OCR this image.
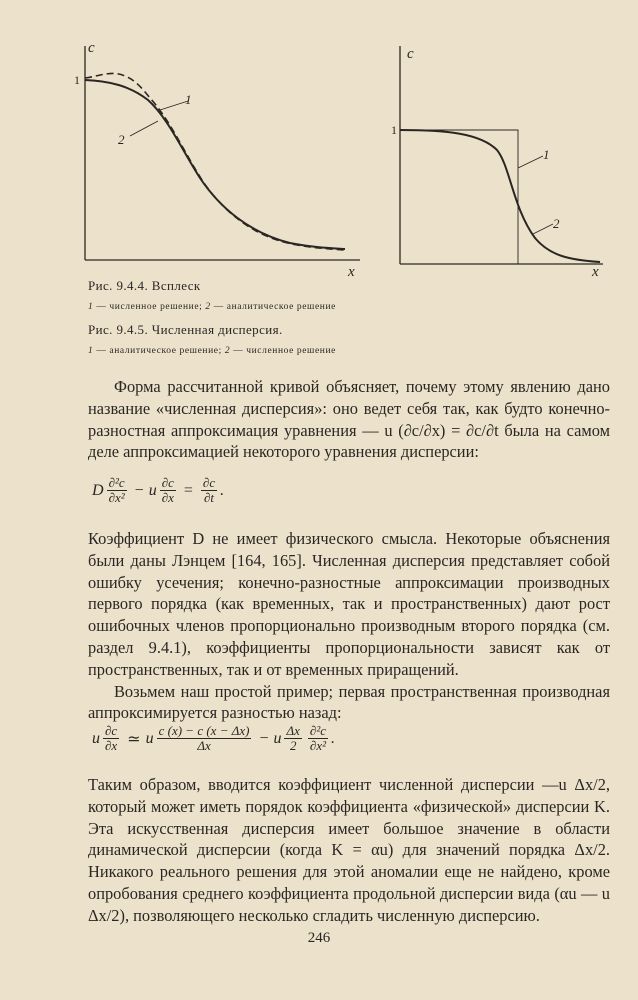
c
x
1
1
2
c
x
1
1
2
Рис. 9.4.4. Всплеск
1 — численное решение; 2 — аналитическое решение
Рис. 9.4.5. Численная дисперсия.
1 — аналитическое решение; 2 — численное решение

Форма рассчитанной кривой объясняет, почему этому явлению дано название «численная дисперсия»: оно ведет себя так, как будто конечно-разностная аппроксимация уравнения — u (∂c/∂x) = ∂c/∂t была на самом деле аппроксимацией некоторого уравнения дисперсии:

D $\frac{\text{∂²c}}{\text{∂x²}} - u \frac{\partial c}{\partial x} = \frac{\partial c}{\partial t}$ .

Коэффициент D не имеет физического смысла. Некоторые объяснения были даны Лэнцем [164, 165]. Численная дисперсия представляет собой ошибку усечения; конечно-разностные аппроксимации производных первого порядка (как временных, так и пространственных) дают рост ошибочных членов пропорционально производным второго порядка (см. раздел 9.4.1), коэффициенты пропорциональности зависят как от пространственных, так и от временных приращений.

Возьмем наш простой пример; первая пространственная производная аппроксимируется разностью назад:

u $\frac{\partial c}{\partial x}$ ≃ u $\frac{c (x) - c (x - \Delta x)}{\Delta x} - u \frac{\Delta x}{2} \frac{\text{∂²c}}{\text{∂x²}}$ .

Таким образом, вводится коэффициент численной дисперсии —u Δx/2, который может иметь порядок коэффициента «физической» дисперсии K. Эта искусственная дисперсия имеет большое значение в области динамической дисперсии (когда K = αu) для значений порядка Δx/2. Никакого реального решения для этой аномалии еще не найдено, кроме опробования среднего коэффициента продольной дисперсии вида (αu — u Δx/2), позволяющего несколько сгладить численную дисперсию.

246
